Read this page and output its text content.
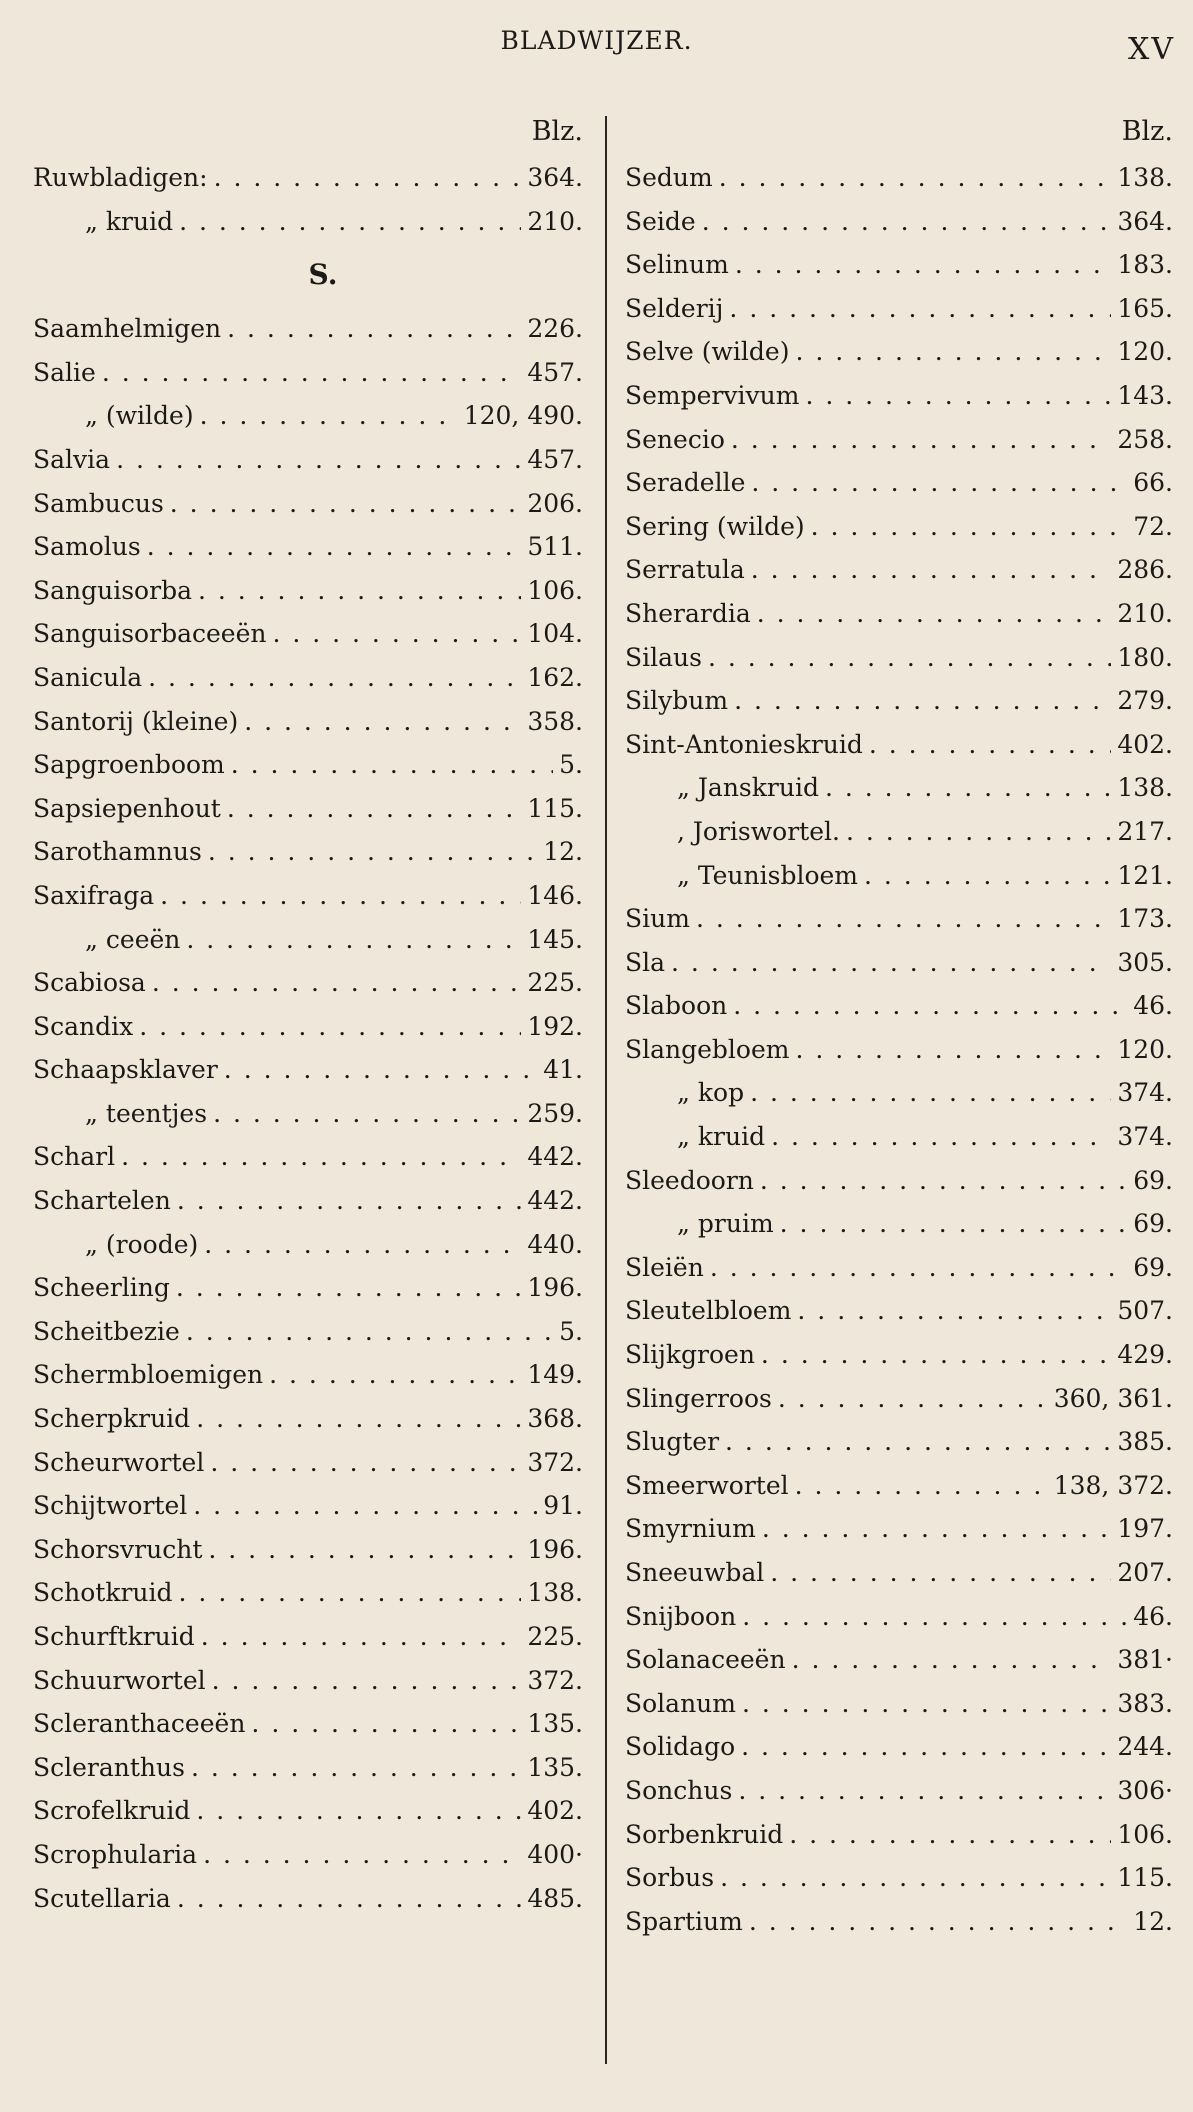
BLADWIJZER.	XV
Blz.
Ruwbladigen: . . .	364.
„ kruid . . .	210.
S.
Saamhelmigen . . .	226.
Salie . . .	457.
„ (wilde) . . .	120, 490.
Salvia . . .	457.
Sambucus . . .	206.
Samolus . . .	511.
Sanguisorba . . .	106.
Sanguisorbaceeën . . .	104.
Sanicula . . .	162.
Santorij (kleine) . . .	358.
Sapgroenboom . . .	5.
Sapsiepenhout . . .	115.
Sarothamnus . . .	12.
Saxifraga . . .	146.
„ ceeën . . .	145.
Scabiosa . . .	225.
Scandix . . .	192.
Schaapsklaver . . .	41.
„ teentjes . . .	259.
Scharl . . .	442.
Schartelen . . .	442.
„ (roode) . . .	440.
Scheerling . . .	196.
Scheitbezie . . .	5.
Schermbloemigen . . .	149.
Scherpkruid . . .	368.
Scheurwortel . . .	372.
Schijtwortel . . .	91.
Schorsvrucht . . .	196.
Schotkruid . . .	138.
Schurftkruid . . .	225.
Schuurwortel . . .	372.
Scleranthaceeën . . .	135.
Scleranthus . . .	135.
Scrofelkruid . . .	402.
Scrophularia . . .	400·
Scutellaria . . .	485.
Blz.
Sedum . . .	138.
Seide . . .	364.
Selinum . . .	183.
Selderij . . .	165.
Selve (wilde) . . .	120.
Sempervivum . . .	143.
Senecio . . .	258.
Seradelle . . .	66.
Sering (wilde) . . .	72.
Serratula . . .	286.
Sherardia . . .	210.
Silaus . . .	180.
Silybum . . .	279.
Sint-Antonieskruid . . .	402.
„ Janskruid . . .	138.
, Joriswortel. . . .	217.
„ Teunisbloem . . .	121.
Sium . . .	173.
Sla . . .	305.
Slaboon . . .	46.
Slangebloem . . .	120.
„ kop . . .	374.
„ kruid . . .	374.
Sleedoorn . . .	69.
„ pruim . . .	69.
Sleiën . . .	69.
Sleutelbloem . . .	507.
Slijkgroen . . .	429.
Slingerroos . . .	360, 361.
Slugter . . .	385.
Smeerwortel . . .	138, 372.
Smyrnium . . .	197.
Sneeuwbal . . .	207.
Snijboon . . .	46.
Solanaceeën . . .	381·
Solanum . . .	383.
Solidago . . .	244.
Sonchus . . .	306·
Sorbenkruid . . .	106.
Sorbus . . .	115.
Spartium . . .	12.
